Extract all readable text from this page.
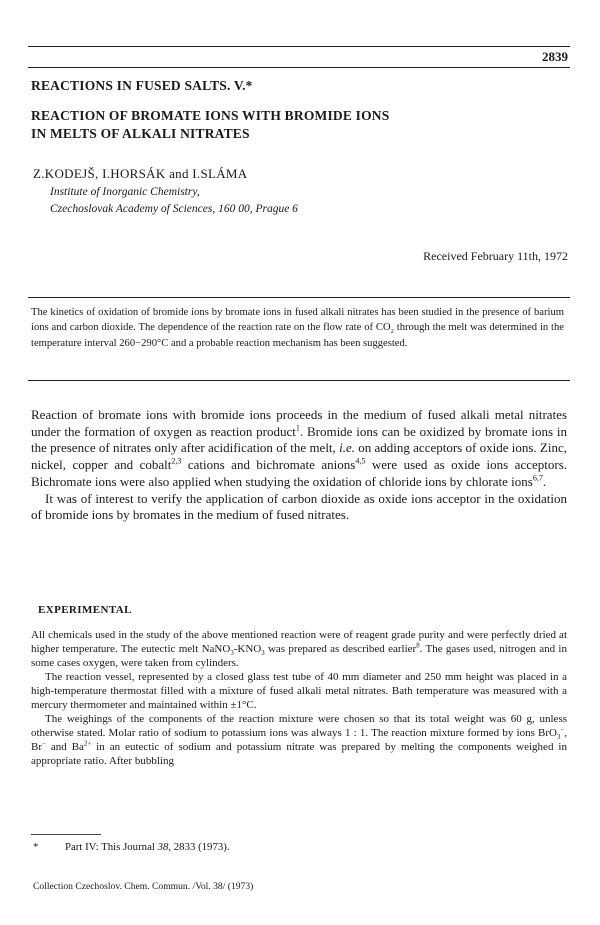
2839
REACTIONS IN FUSED SALTS. V.*
REACTION OF BROMATE IONS WITH BROMIDE IONS
IN MELTS OF ALKALI NITRATES
Z.KODEJŠ, I.HORSÁK and I.SLÁMA
Institute of Inorganic Chemistry,
Czechoslovak Academy of Sciences, 160 00, Prague 6
Received February 11th, 1972

The kinetics of oxidation of bromide ions by bromate ions in fused alkali nitrates has been studied in the presence of barium ions and carbon dioxide. The dependence of the reaction rate on the flow rate of $CO_2$ through the melt was determined in the temperature interval 260−290°C and a probable reaction mechanism has been suggested.

Reaction of bromate ions with bromide ions proceeds in the medium of fused alkali metal nitrates under the formation of oxygen as reaction product$^1$. Bromide ions can be oxidized by bromate ions in the presence of nitrates only after acidification of the melt, i.e. on adding acceptors of oxide ions. Zinc, nickel, copper and cobalt$^{2,3}$ cations and bichromate anions$^{4,5}$ were used as oxide ions acceptors. Bichromate ions were also applied when studying the oxidation of chloride ions by chlorate ions$^{6,7}$.

It was of interest to verify the application of carbon dioxide as oxide ions acceptor in the oxidation of bromide ions by bromates in the medium of fused nitrates.

EXPERIMENTAL

All chemicals used in the study of the above mentioned reaction were of reagent grade purity and were perfectly dried at higher temperature. The eutectic melt $NaNO_3-KNO_3$ was prepared as described earlier$^8$. The gases used, nitrogen and in some cases oxygen, were taken from cylinders.

The reaction vessel, represented by a closed glass test tube of 40 mm diameter and 250 mm height was placed in a high-temperature thermostat filled with a mixture of fused alkali metal nitrates. Bath temperature was measured with a mercury thermometer and maintained within ±1°C.

The weighings of the components of the reaction mixture were chosen so that its total weight was 60 g, unless otherwise stated. Molar ratio of sodium to potassium ions was always 1 : 1. The reaction mixture formed by ions BrO$_3$−, Br− and $Ba^{2+}$ in an eutectic of sodium and potassium nitrate was prepared by melting the components weighed in appropriate ratio. After bubbling

* Part IV: This Journal 38, 2833 (1973).
Collection Czechoslov. Chem. Commun. /Vol. 38/ (1973)
